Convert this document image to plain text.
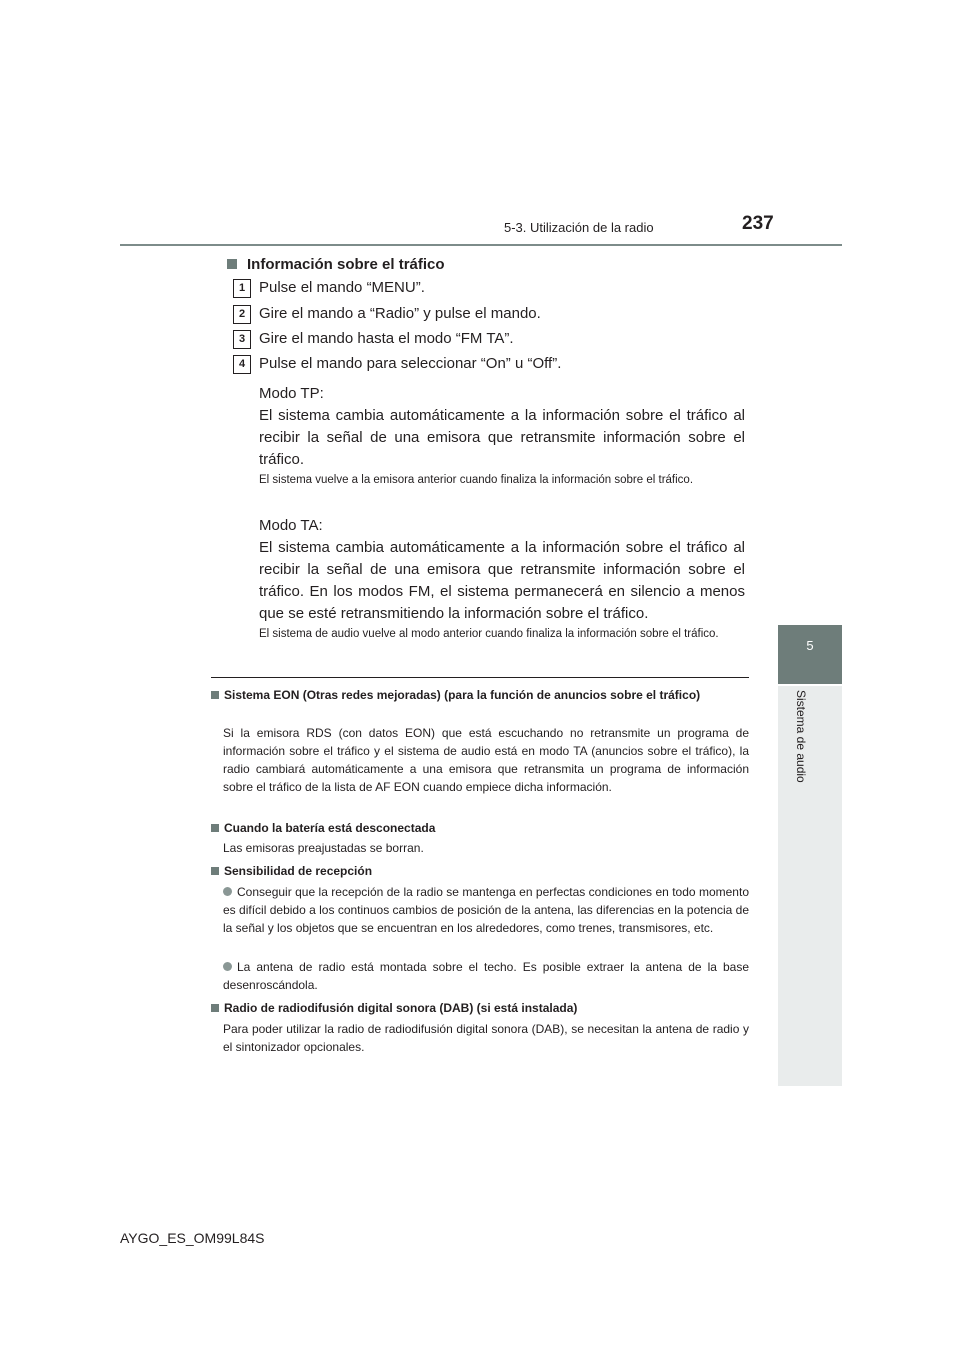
5-3. Utilización de la radio	237
5
Sistema de audio
Información sobre el tráfico
1 Pulse el mando “MENU”.
2 Gire el mando a “Radio” y pulse el mando.
3 Gire el mando hasta el modo “FM TA”.
4 Pulse el mando para seleccionar “On” u “Off”.
Modo TP:
El sistema cambia automáticamente a la información sobre el tráfico al recibir la señal de una emisora que retransmite información sobre el tráfico.
El sistema vuelve a la emisora anterior cuando finaliza la información sobre el tráfico.
Modo TA:
El sistema cambia automáticamente a la información sobre el tráfico al recibir la señal de una emisora que retransmite información sobre el tráfico. En los modos FM, el sistema permanecerá en silencio a menos que se esté retransmitiendo la información sobre el tráfico.
El sistema de audio vuelve al modo anterior cuando finaliza la información sobre el tráfico.
Sistema EON (Otras redes mejoradas) (para la función de anuncios sobre el tráfico)
Si la emisora RDS (con datos EON) que está escuchando no retransmite un programa de información sobre el tráfico y el sistema de audio está en modo TA (anuncios sobre el tráfico), la radio cambiará automáticamente a una emisora que retransmita un programa de información sobre el tráfico de la lista de AF EON cuando empiece dicha información.
Cuando la batería está desconectada
Las emisoras preajustadas se borran.
Sensibilidad de recepción
Conseguir que la recepción de la radio se mantenga en perfectas condiciones en todo momento es difícil debido a los continuos cambios de posición de la antena, las diferencias en la potencia de la señal y los objetos que se encuentran en los alrededores, como trenes, transmisores, etc.
La antena de radio está montada sobre el techo. Es posible extraer la antena de la base desenroscándola.
Radio de radiodifusión digital sonora (DAB) (si está instalada)
Para poder utilizar la radio de radiodifusión digital sonora (DAB), se necesitan la antena de radio y el sintonizador opcionales.
AYGO_ES_OM99L84S
